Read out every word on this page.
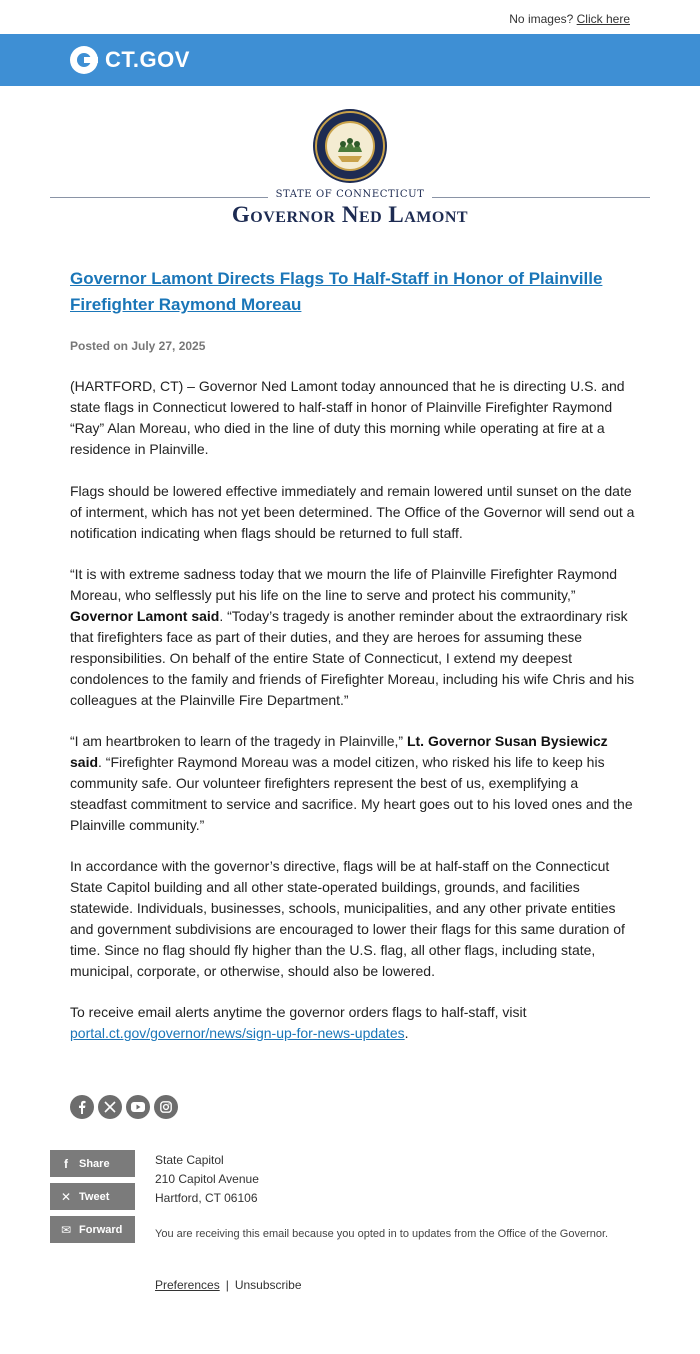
No images? Click here
CT.GOV
STATE OF CONNECTICUT
Governor Ned Lamont
Governor Lamont Directs Flags To Half-Staff in Honor of Plainville Firefighter Raymond Moreau
Posted on July 27, 2025

(HARTFORD, CT) – Governor Ned Lamont today announced that he is directing U.S. and state flags in Connecticut lowered to half-staff in honor of Plainville Firefighter Raymond “Ray” Alan Moreau, who died in the line of duty this morning while operating at fire at a residence in Plainville.

Flags should be lowered effective immediately and remain lowered until sunset on the date of interment, which has not yet been determined. The Office of the Governor will send out a notification indicating when flags should be returned to full staff.

“It is with extreme sadness today that we mourn the life of Plainville Firefighter Raymond Moreau, who selflessly put his life on the line to serve and protect his community,” Governor Lamont said. “Today’s tragedy is another reminder about the extraordinary risk that firefighters face as part of their duties, and they are heroes for assuming these responsibilities. On behalf of the entire State of Connecticut, I extend my deepest condolences to the family and friends of Firefighter Moreau, including his wife Chris and his colleagues at the Plainville Fire Department.”

“I am heartbroken to learn of the tragedy in Plainville,” Lt. Governor Susan Bysiewicz said. “Firefighter Raymond Moreau was a model citizen, who risked his life to keep his community safe. Our volunteer firefighters represent the best of us, exemplifying a steadfast commitment to service and sacrifice. My heart goes out to his loved ones and the Plainville community.”

In accordance with the governor’s directive, flags will be at half-staff on the Connecticut State Capitol building and all other state-operated buildings, grounds, and facilities statewide. Individuals, businesses, schools, municipalities, and any other private entities and government subdivisions are encouraged to lower their flags for this same duration of time. Since no flag should fly higher than the U.S. flag, all other flags, including state, municipal, corporate, or otherwise, should also be lowered.

To receive email alerts anytime the governor orders flags to half-staff, visit portal.ct.gov/governor/news/sign-up-for-news-updates.

f	Share
✕ Tweet
✉ Forward
State Capitol
210 Capitol Avenue
Hartford, CT 06106
You are receiving this email because you opted in to updates from the Office of the Governor.
Preferences | Unsubscribe
